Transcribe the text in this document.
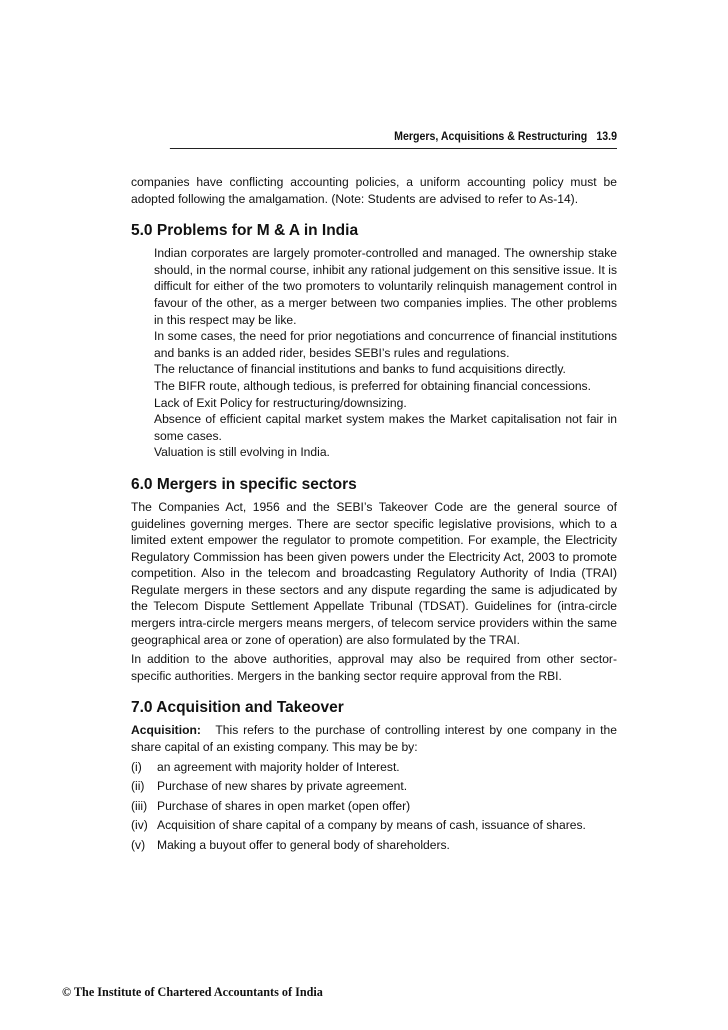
Mergers, Acquisitions & Restructuring 13.9

companies have conflicting accounting policies, a uniform accounting policy must be adopted following the amalgamation. (Note: Students are advised to refer to As-14).

5.0 Problems for M & A in India

Indian corporates are largely promoter-controlled and managed. The ownership stake should, in the normal course, inhibit any rational judgement on this sensitive issue. It is difficult for either of the two promoters to voluntarily relinquish management control in favour of the other, as a merger between two companies implies. The other problems in this respect may be like.

In some cases, the need for prior negotiations and concurrence of financial institutions and banks is an added rider, besides SEBI’s rules and regulations.

The reluctance of financial institutions and banks to fund acquisitions directly.

The BIFR route, although tedious, is preferred for obtaining financial concessions.

Lack of Exit Policy for restructuring/downsizing.

Absence of efficient capital market system makes the Market capitalisation not fair in some cases.

Valuation is still evolving in India.

6.0 Mergers in specific sectors

The Companies Act, 1956 and the SEBI’s Takeover Code are the general source of guidelines governing merges. There are sector specific legislative provisions, which to a limited extent empower the regulator to promote competition. For example, the Electricity Regulatory Commission has been given powers under the Electricity Act, 2003 to promote competition. Also in the telecom and broadcasting Regulatory Authority of India (TRAI) Regulate mergers in these sectors and any dispute regarding the same is adjudicated by the Telecom Dispute Settlement Appellate Tribunal (TDSAT). Guidelines for (intra-circle mergers intra-circle mergers means mergers, of telecom service providers within the same geographical area or zone of operation) are also formulated by the TRAI.

In addition to the above authorities, approval may also be required from other sector-specific authorities. Mergers in the banking sector require approval from the RBI.

7.0 Acquisition and Takeover

Acquisition: This refers to the purchase of controlling interest by one company in the share capital of an existing company. This may be by:

(i)	an agreement with majority holder of Interest.
(ii)	Purchase of new shares by private agreement.
(iii) Purchase of shares in open market (open offer)
(iv) Acquisition of share capital of a company by means of cash, issuance of shares.
(v) Making a buyout offer to general body of shareholders.
© The Institute of Chartered Accountants of India
